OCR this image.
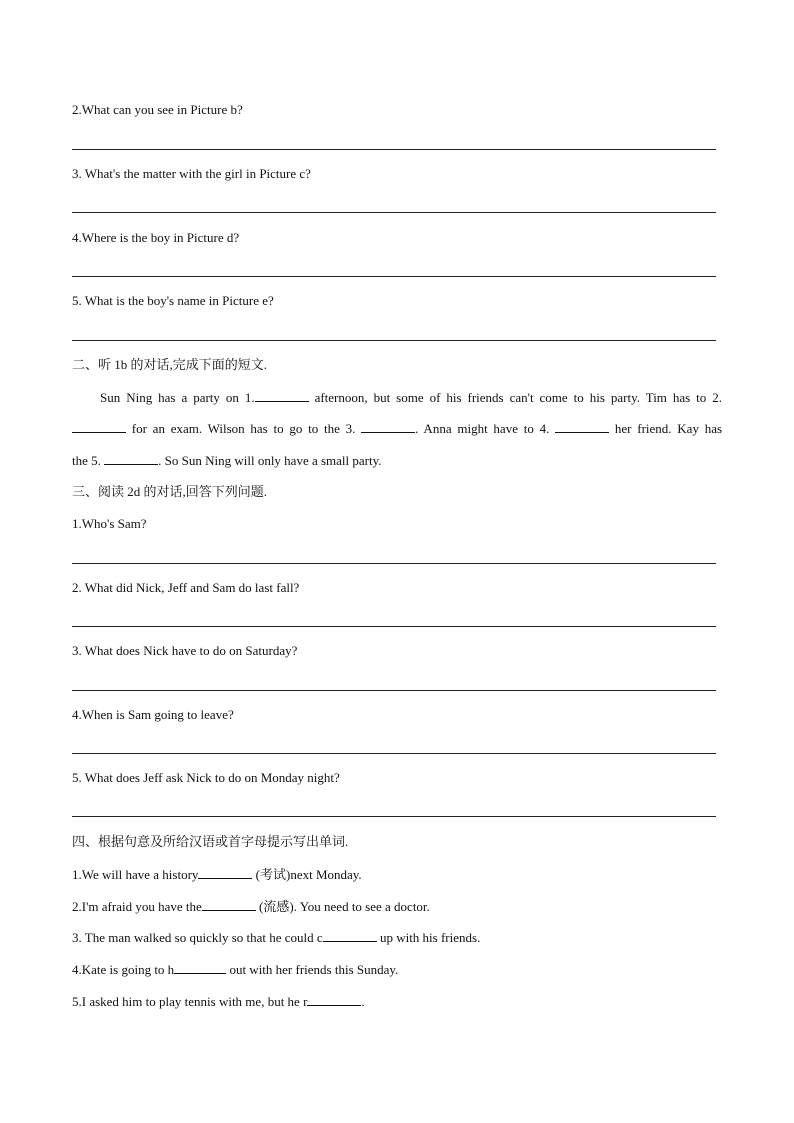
2.What can you see in Picture b?
3. What's the matter with the girl in Picture c?
4.Where is the boy in Picture d?
5. What is the boy's name in Picture e?
二、听 1b 的对话,完成下面的短文.
Sun Ning has a party on 1.	afternoon, but some of his friends can't come to his party. Tim has to 2.
for an exam. Wilson has to go to the 3.	. Anna might have to 4.	her friend. Kay has
the 5.	. So Sun Ning will only have a small party.
三、阅读 2d 的对话,回答下列问题.
1.Who's Sam?
2. What did Nick, Jeff and Sam do last fall?
3. What does Nick have to do on Saturday?
4.When is Sam going to leave?
5. What does Jeff ask Nick to do on Monday night?
四、根据句意及所给汉语或首字母提示写出单词.
1.We will have a history	(考试)next Monday.
2.I'm afraid you have the	(流感). You need to see a doctor.
3. The man walked so quickly so that he could c	up with his friends.
4.Kate is going to h	out with her friends this Sunday.
5.I asked him to play tennis with me, but he r	.
